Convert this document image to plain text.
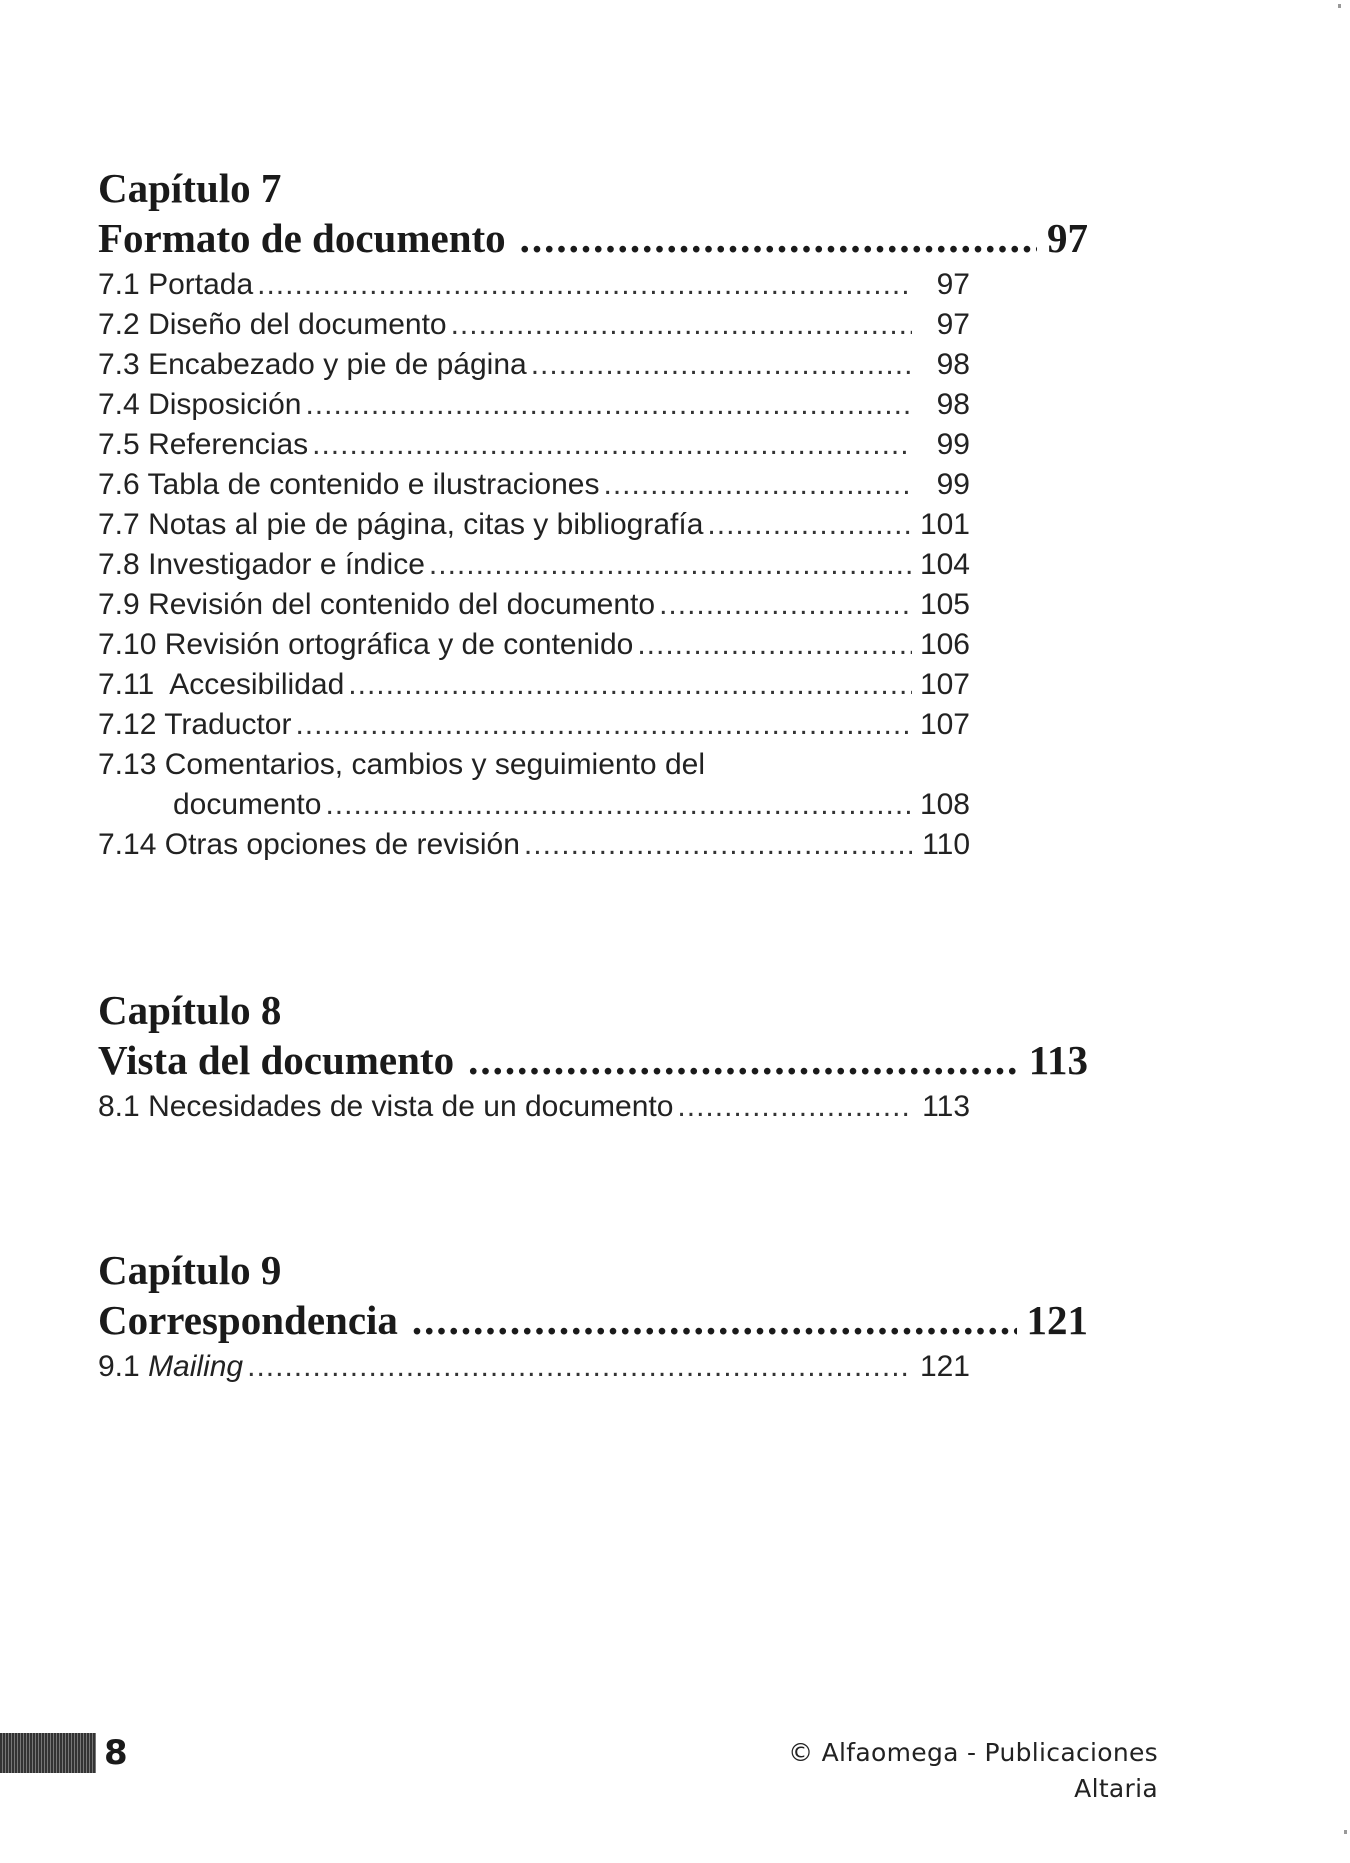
Capítulo 7
Formato de documento .....	97
7.1 Portada .....	97
7.2 Diseño del documento .....	97
7.3 Encabezado y pie de página .....	98
7.4 Disposición .....	98
7.5 Referencias .....	99
7.6 Tabla de contenido e ilustraciones .....	99
7.7 Notas al pie de página, citas y bibliografía .....	101
7.8 Investigador e índice .....	104
7.9 Revisión del contenido del documento .....	105
7.10 Revisión ortográfica y de contenido .....	106
7.11 Accesibilidad .....	107
7.12 Traductor .....	107
7.13 Comentarios, cambios y seguimiento del
documento .....	108
7.14 Otras opciones de revisión .....	110
Capítulo 8
Vista del documento .....	113
8.1 Necesidades de vista de un documento .....	113
Capítulo 9
Correspondencia .....	121
9.1 Mailing .....	121
8	© Alfaomega - Publicaciones Altaria
